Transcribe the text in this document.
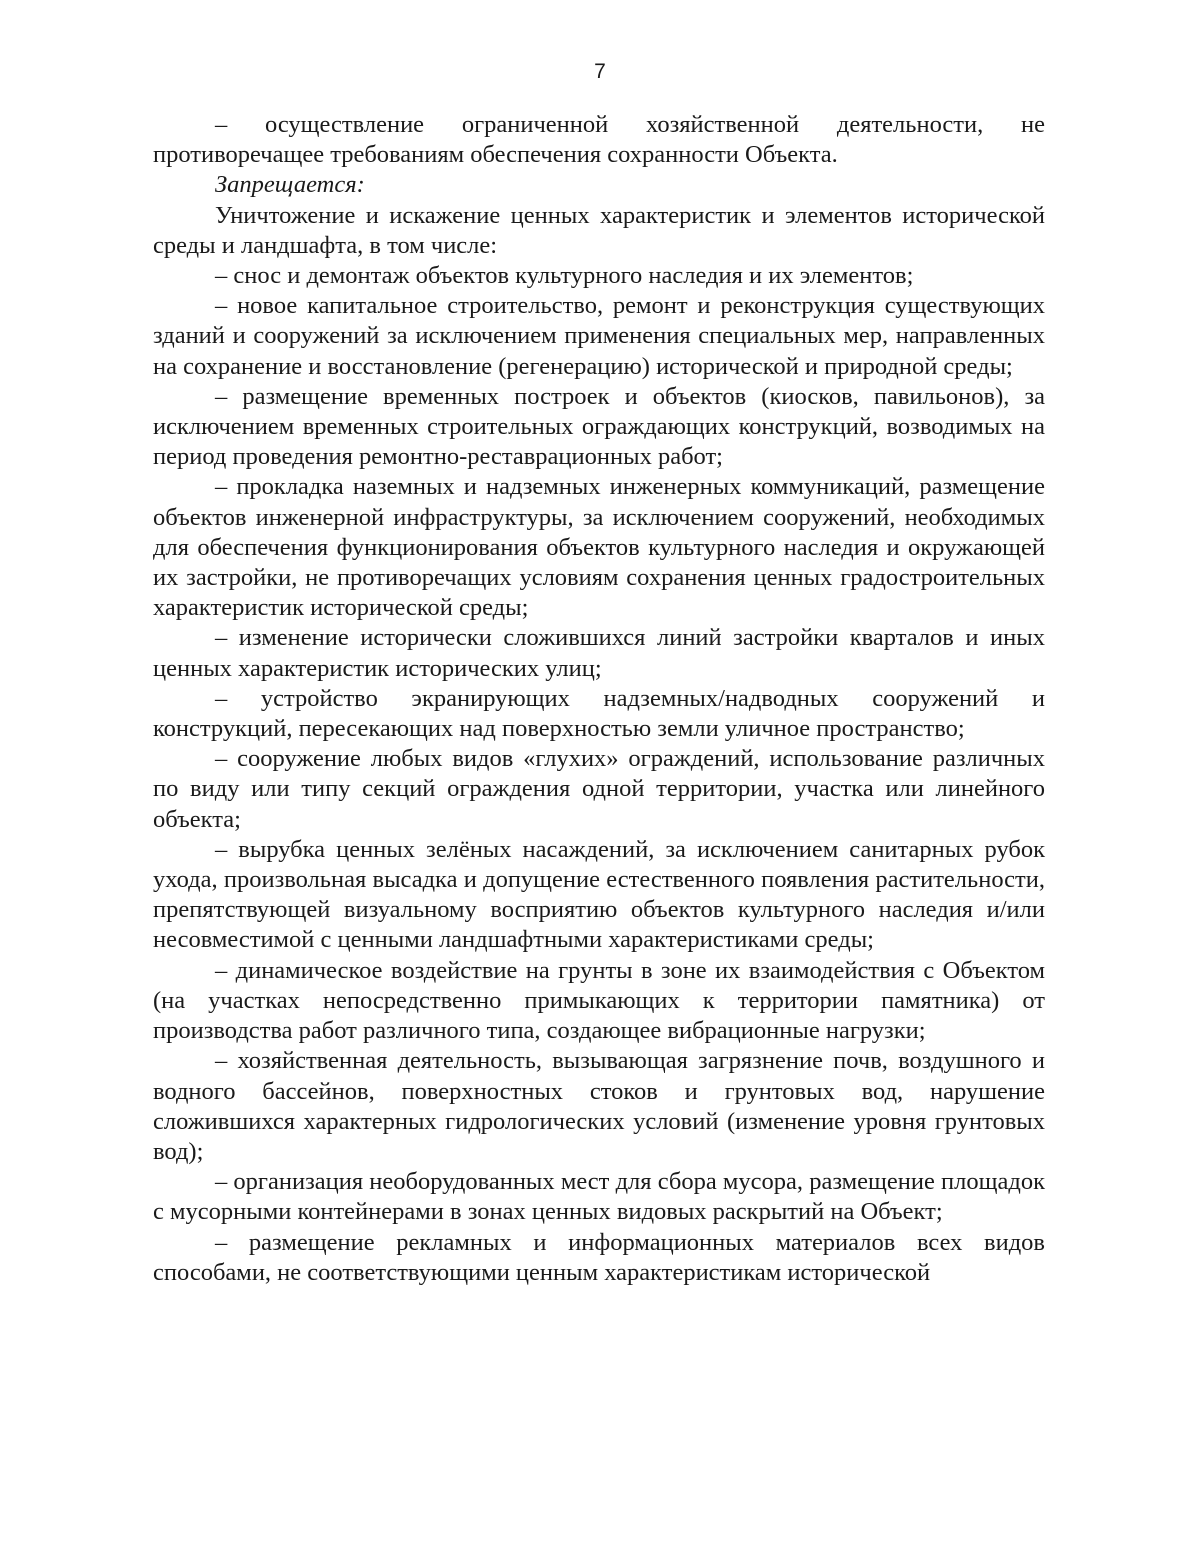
7

– осуществление ограниченной хозяйственной деятельности, не противоречащее требованиям обеспечения сохранности Объекта.

Запрещается:

Уничтожение и искажение ценных характеристик и элементов исторической среды и ландшафта, в том числе:

– снос и демонтаж объектов культурного наследия и их элементов;

– новое капитальное строительство, ремонт и реконструкция существующих зданий и сооружений за исключением применения специальных мер, направленных на сохранение и восстановление (регенерацию) исторической и природной среды;

– размещение временных построек и объектов (киосков, павильонов), за исключением временных строительных ограждающих конструкций, возводимых на период проведения ремонтно-реставрационных работ;

– прокладка наземных и надземных инженерных коммуникаций, размещение объектов инженерной инфраструктуры, за исключением сооружений, необходимых для обеспечения функционирования объектов культурного наследия и окружающей их застройки, не противоречащих условиям сохранения ценных градостроительных характеристик исторической среды;

– изменение исторически сложившихся линий застройки кварталов и иных ценных характеристик исторических улиц;

– устройство экранирующих надземных/надводных сооружений и конструкций, пересекающих над поверхностью земли уличное пространство;

– сооружение любых видов «глухих» ограждений, использование различных по виду или типу секций ограждения одной территории, участка или линейного объекта;

– вырубка ценных зелёных насаждений, за исключением санитарных рубок ухода, произвольная высадка и допущение естественного появления растительности, препятствующей визуальному восприятию объектов культурного наследия и/или несовместимой с ценными ландшафтными характеристиками среды;

– динамическое воздействие на грунты в зоне их взаимодействия с Объектом (на участках непосредственно примыкающих к территории памятника) от производства работ различного типа, создающее вибрационные нагрузки;

– хозяйственная деятельность, вызывающая загрязнение почв, воздушного и водного бассейнов, поверхностных стоков и грунтовых вод, нарушение сложившихся характерных гидрологических условий (изменение уровня грунтовых вод);

– организация необорудованных мест для сбора мусора, размещение площадок с мусорными контейнерами в зонах ценных видовых раскрытий на Объект;

– размещение рекламных и информационных материалов всех видов способами, не соответствующими ценным характеристикам исторической
